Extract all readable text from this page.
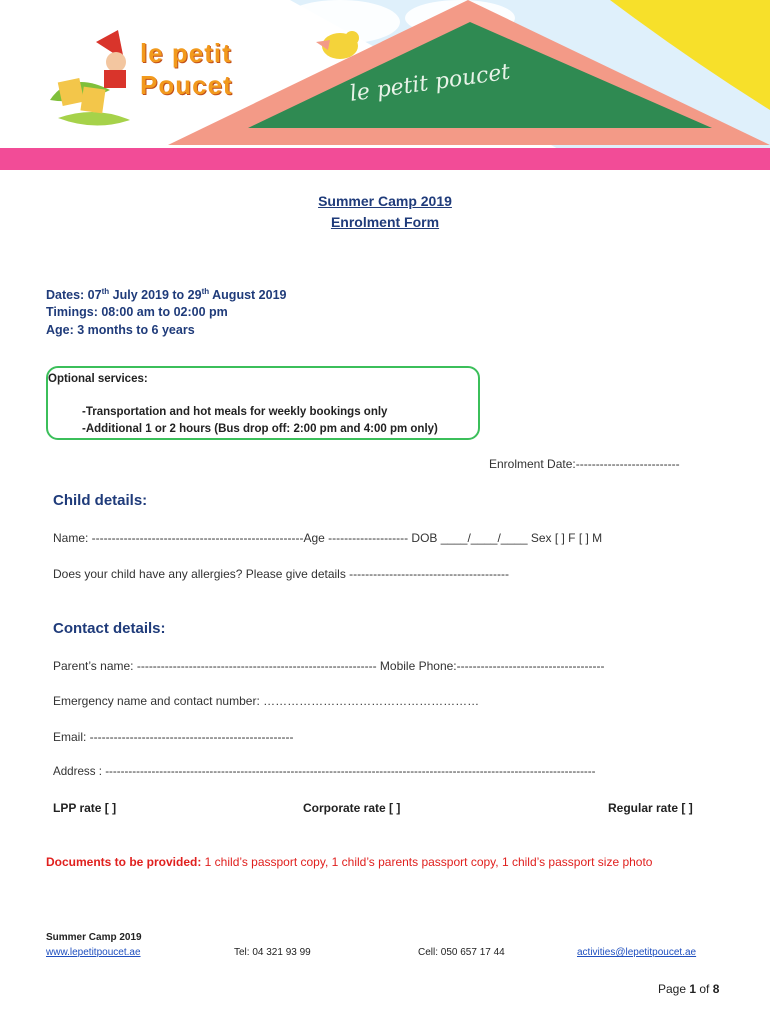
le petit
Poucet	le petit poucet
Summer Camp 2019
Enrolment Form
Dates: 07th July 2019 to 29th August 2019
Timings: 08:00 am to 02:00 pm
Age: 3 months to 6 years
Optional services:
-Transportation and hot meals for weekly bookings only
-Additional 1 or 2 hours (Bus drop off: 2:00 pm and 4:00 pm only)
Enrolment Date:--------------------------
Child details:
Name: -----------------------------------------------------Age -------------------- DOB ____/____/____ Sex [ ] F [ ] M
Does your child have any allergies? Please give details ----------------------------------------
Contact details:
Parent’s name: ------------------------------------------------------------ Mobile Phone:-------------------------------------
Emergency name and contact number: ………………………………………………
Email: ---------------------------------------------------
Address : -------------------------------------------------------------------------------------------------------------------------------
LPP rate [ ]	Corporate rate [ ]	Regular rate [ ]
Documents to be provided: 1 child’s passport copy, 1 child’s parents passport copy, 1 child’s passport size photo
Summer Camp 2019
www.lepetitpoucet.ae	Tel: 04 321 93 99	Cell: 050 657 17 44	activities@lepetitpoucet.ae
Page 1 of 8
